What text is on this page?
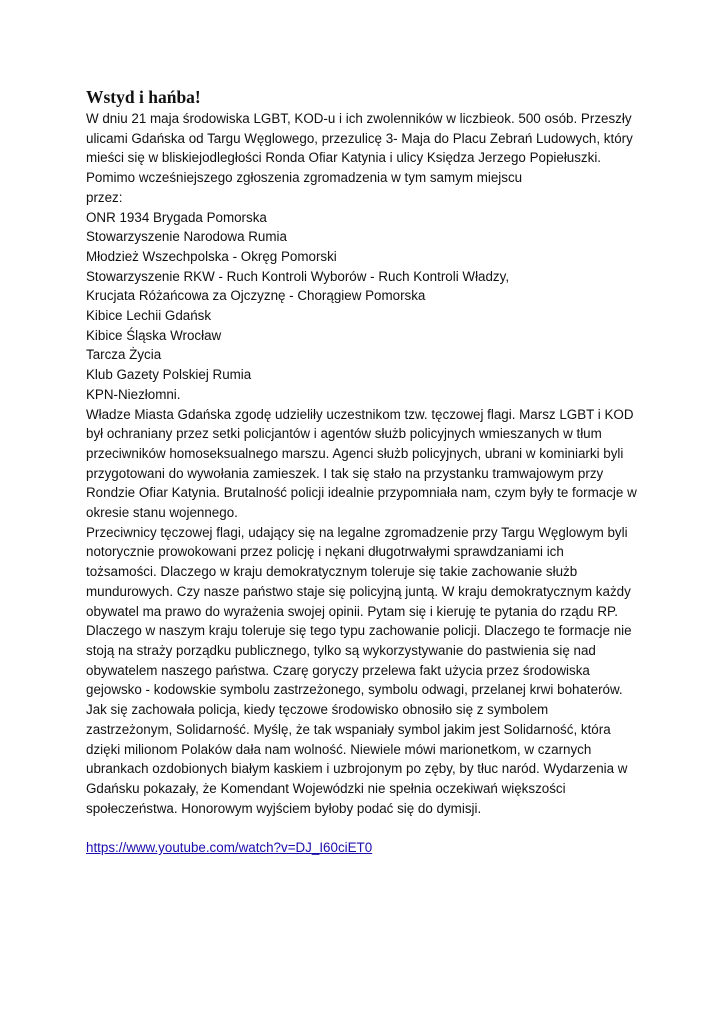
Wstyd i hańba!
W dniu 21 maja środowiska LGBT, KOD-u i ich zwolenników w liczbieok. 500 osób. Przeszły
ulicami Gdańska od Targu Węglowego, przezulicę 3- Maja do Placu Zebrań Ludowych, który
mieści się w bliskiejodległości Ronda Ofiar Katynia i ulicy Księdza Jerzego Popiełuszki.
Pomimo wcześniejszego zgłoszenia zgromadzenia w tym samym miejscu
przez:
ONR 1934 Brygada Pomorska
Stowarzyszenie Narodowa Rumia
Młodzież Wszechpolska - Okręg Pomorski
Stowarzyszenie RKW - Ruch Kontroli Wyborów - Ruch Kontroli Władzy,
Krucjata Różańcowa za Ojczyznę - Chorągiew Pomorska
Kibice Lechii Gdańsk
Kibice Śląska Wrocław
Tarcza Życia
Klub Gazety Polskiej Rumia
KPN-Niezłomni.
Władze Miasta Gdańska zgodę udzieliły uczestnikom tzw. tęczowej flagi. Marsz LGBT i KOD
był ochraniany przez setki policjantów i agentów służb policyjnych wmieszanych w tłum
przeciwników homoseksualnego marszu. Agenci służb policyjnych, ubrani w kominiarki byli
przygotowani do wywołania zamieszek. I tak się stało na przystanku tramwajowym przy
Rondzie Ofiar Katynia. Brutalność policji idealnie przypomniała nam, czym były te formacje w
okresie stanu wojennego.
Przeciwnicy tęczowej flagi, udający się na legalne zgromadzenie przy Targu Węglowym byli
notorycznie prowokowani przez policję i nękani długotrwałymi sprawdzaniami ich
tożsamości. Dlaczego w kraju demokratycznym toleruje się takie zachowanie służb
mundurowych. Czy nasze państwo staje się policyjną juntą. W kraju demokratycznym każdy
obywatel ma prawo do wyrażenia swojej opinii. Pytam się i kieruję te pytania do rządu RP.
Dlaczego w naszym kraju toleruje się tego typu zachowanie policji. Dlaczego te formacje nie
stoją na straży porządku publicznego, tylko są wykorzystywanie do pastwienia się nad
obywatelem naszego państwa. Czarę goryczy przelewa fakt użycia przez środowiska
gejowsko - kodowskie symbolu zastrzeżonego, symbolu odwagi, przelanej krwi bohaterów.
Jak się zachowała policja, kiedy tęczowe środowisko obnosiło się z symbolem
zastrzeżonym, Solidarność. Myślę, że tak wspaniały symbol jakim jest Solidarność, która
dzięki milionom Polaków dała nam wolność. Niewiele mówi marionetkom, w czarnych
ubrankach ozdobionych białym kaskiem i uzbrojonym po zęby, by tłuc naród. Wydarzenia w
Gdańsku pokazały, że Komendant Wojewódzki nie spełnia oczekiwań większości
społeczeństwa. Honorowym wyjściem byłoby podać się do dymisji.
https://www.youtube.com/watch?v=DJ_I60ciET0
